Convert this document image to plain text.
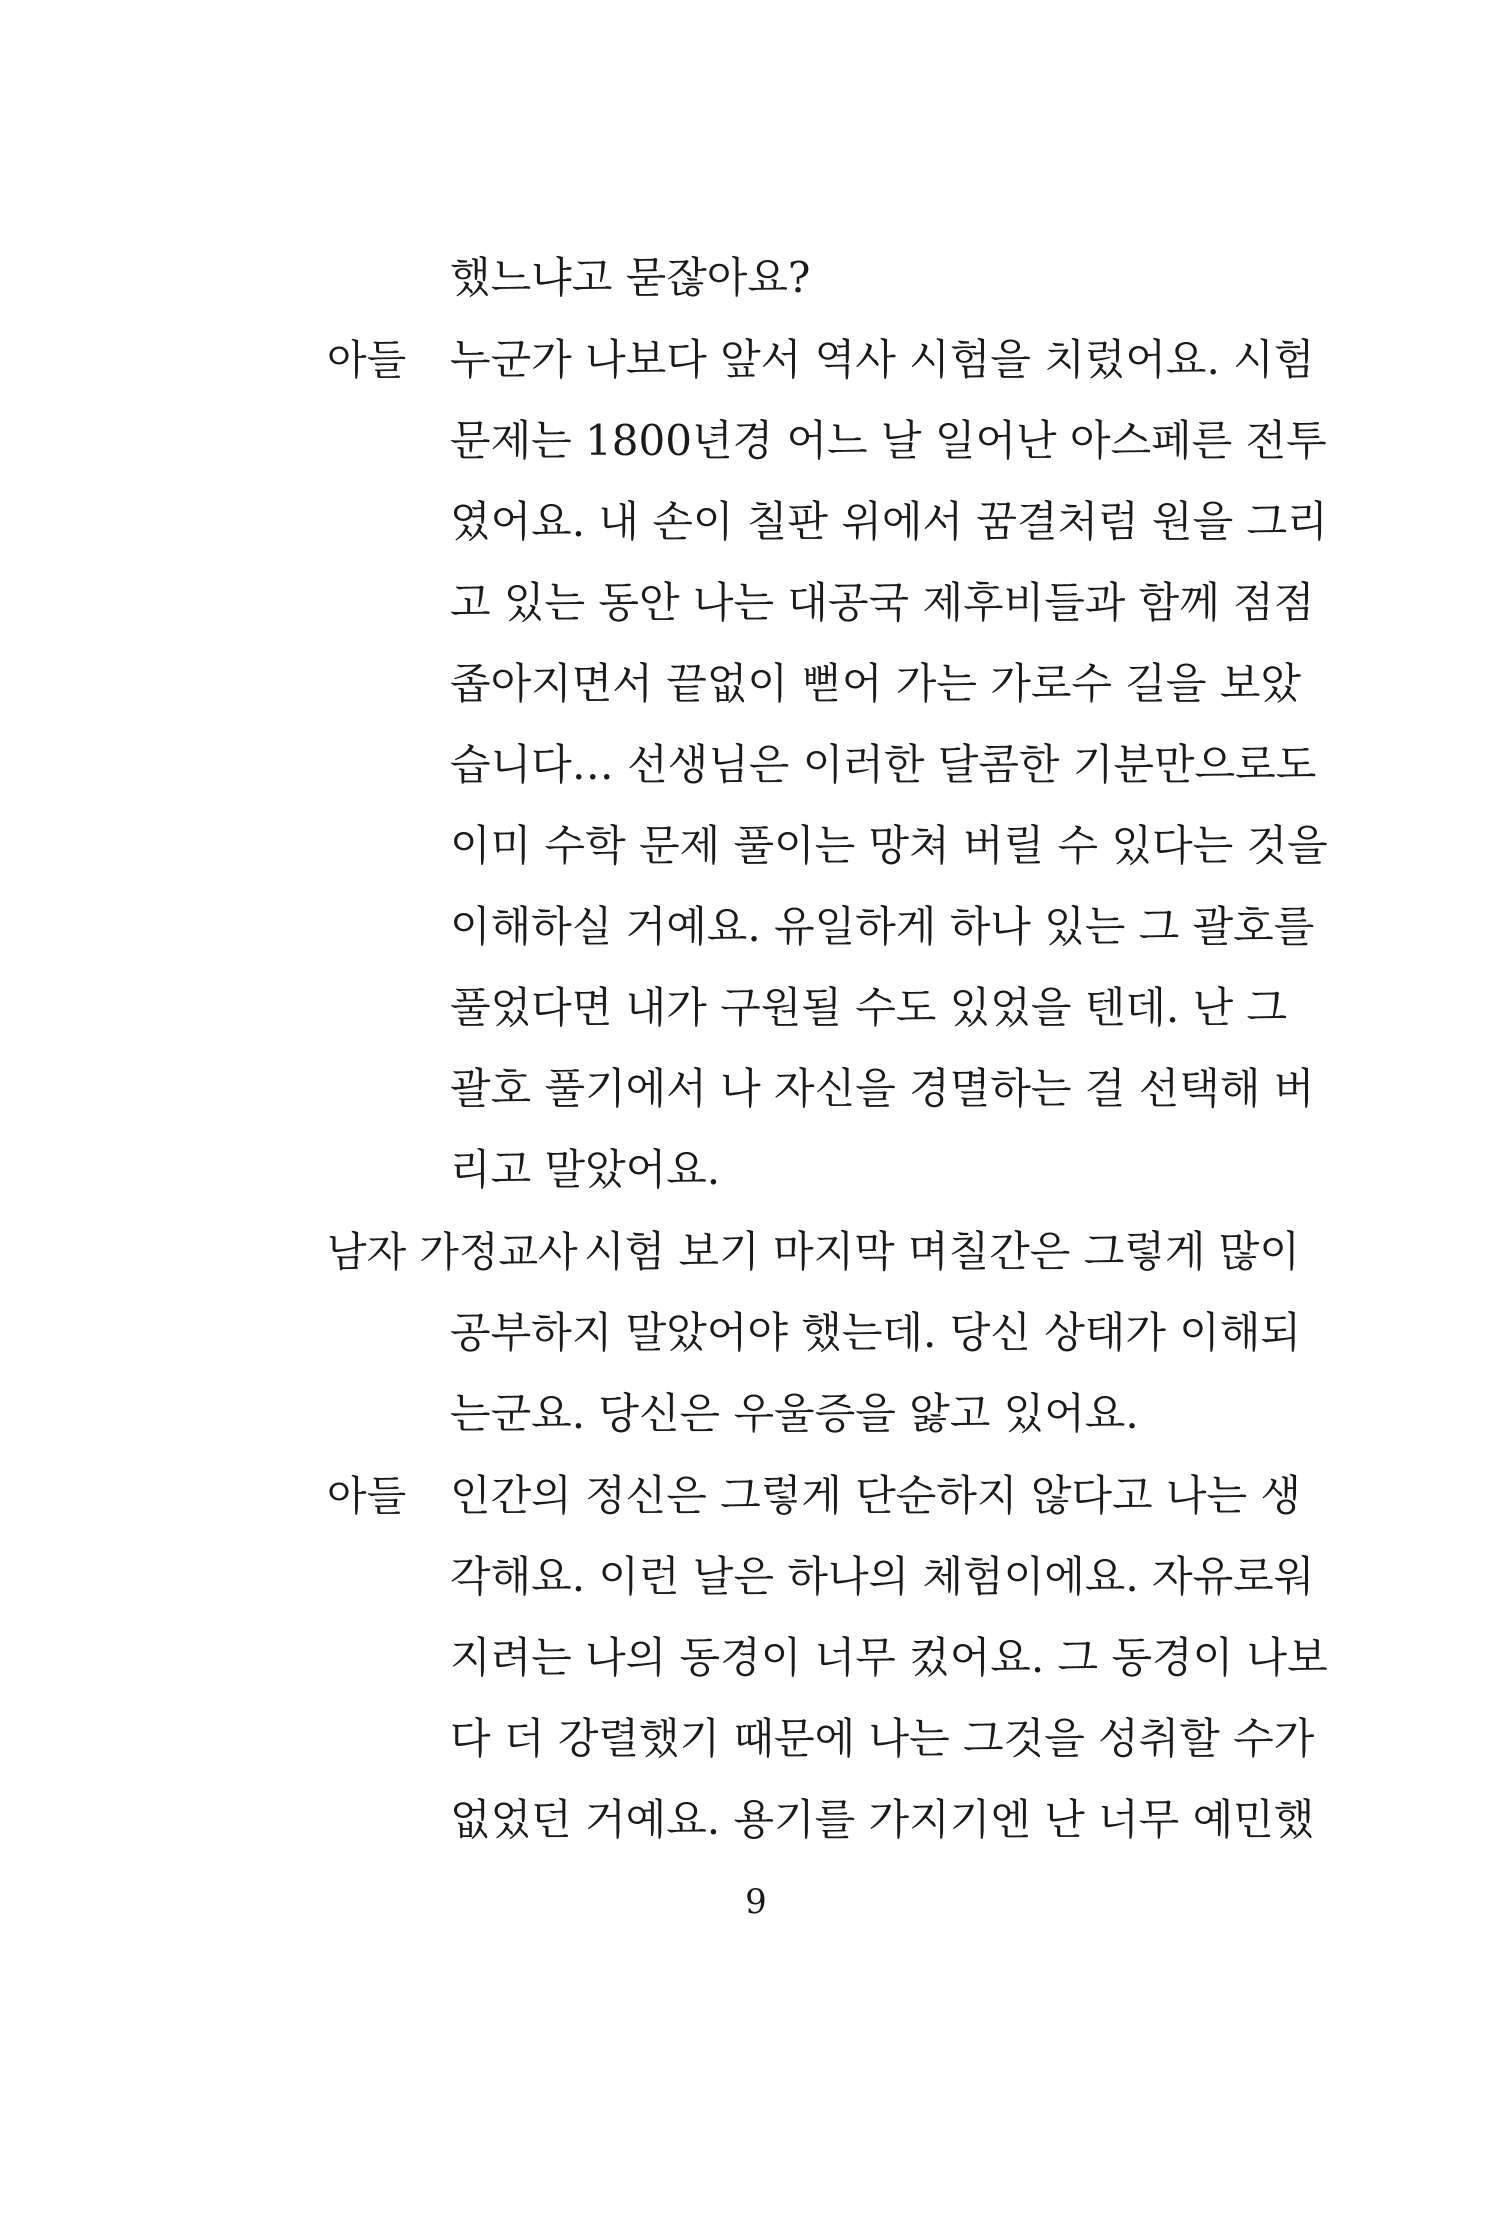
했느냐고 묻잖아요?
아들 누군가 나보다 앞서 역사 시험을 치렀어요. 시험
문제는 1800년경 어느 날 일어난 아스페른 전투
였어요. 내 손이 칠판 위에서 꿈결처럼 원을 그리
고 있는 동안 나는 대공국 제후비들과 함께 점점
좁아지면서 끝없이 뻗어 가는 가로수 길을 보았
습니다… 선생님은 이러한 달콤한 기분만으로도
이미 수학 문제 풀이는 망쳐 버릴 수 있다는 것을
이해하실 거예요. 유일하게 하나 있는 그 괄호를
풀었다면 내가 구원될 수도 있었을 텐데. 난 그
괄호 풀기에서 나 자신을 경멸하는 걸 선택해 버
리고 말았어요.
남자 가정교사 시험 보기 마지막 며칠간은 그렇게 많이
공부하지 말았어야 했는데. 당신 상태가 이해되
는군요. 당신은 우울증을 앓고 있어요.
아들 인간의 정신은 그렇게 단순하지 않다고 나는 생
각해요. 이런 날은 하나의 체험이에요. 자유로워
지려는 나의 동경이 너무 컸어요. 그 동경이 나보
다 더 강렬했기 때문에 나는 그것을 성취할 수가
없었던 거예요. 용기를 가지기엔 난 너무 예민했
9
